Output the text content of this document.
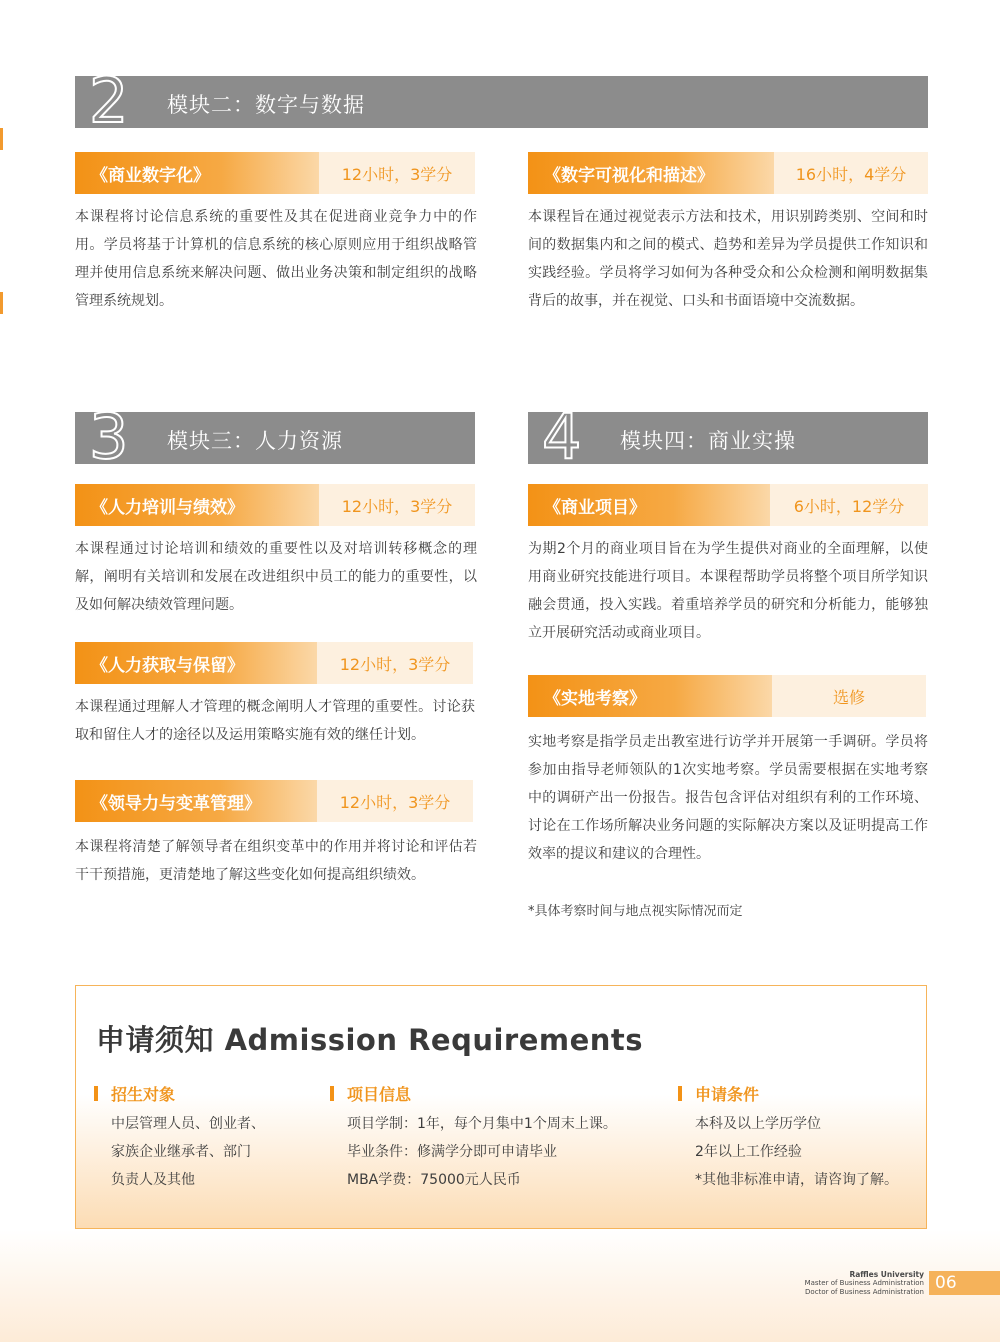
2 模块二：数字与数据
《商业数字化》	12小时，3学分

本课程将讨论信息系统的重要性及其在促进商业竞争力中的作用。学员将基于计算机的信息系统的核心原则应用于组织战略管理并使用信息系统来解决问题、做出业务决策和制定组织的战略管理系统规划。

《数字可视化和描述》	16小时，4学分

本课程旨在通过视觉表示方法和技术，用识别跨类别、空间和时间的数据集内和之间的模式、趋势和差异为学员提供工作知识和实践经验。学员将学习如何为各种受众和公众检测和阐明数据集背后的故事，并在视觉、口头和书面语境中交流数据。

3 模块三：人力资源	4 模块四：商业实操
《人力培训与绩效》	12小时，3学分

本课程通过讨论培训和绩效的重要性以及对培训转移概念的理解，阐明有关培训和发展在改进组织中员工的能力的重要性，以及如何解决绩效管理问题。

《人力获取与保留》	12小时，3学分

本课程通过理解人才管理的概念阐明人才管理的重要性。讨论获取和留住人才的途径以及运用策略实施有效的继任计划。

《领导力与变革管理》	12小时，3学分

本课程将清楚了解领导者在组织变革中的作用并将讨论和评估若干干预措施，更清楚地了解这些变化如何提高组织绩效。

《商业项目》	6小时，12学分

为期2个月的商业项目旨在为学生提供对商业的全面理解，以使用商业研究技能进行项目。本课程帮助学员将整个项目所学知识融会贯通，投入实践。着重培养学员的研究和分析能力，能够独立开展研究活动或商业项目。

《实地考察》	选修

实地考察是指学员走出教室进行访学并开展第一手调研。学员将参加由指导老师领队的1次实地考察。学员需要根据在实地考察中的调研产出一份报告。报告包含评估对组织有利的工作环境、讨论在工作场所解决业务问题的实际解决方案以及证明提高工作效率的提议和建议的合理性。

*具体考察时间与地点视实际情况而定
申请须知 Admission Requirements
招生对象
中层管理人员、创业者、
家族企业继承者、部门
负责人及其他
项目信息
项目学制：1年，每个月集中1个周末上课。
毕业条件：修满学分即可申请毕业
MBA学费：75000元人民币
申请条件
本科及以上学历学位
2年以上工作经验
*其他非标准申请，请咨询了解。
Raffles University
Master of Business Administration
Doctor of Business Administration 06
